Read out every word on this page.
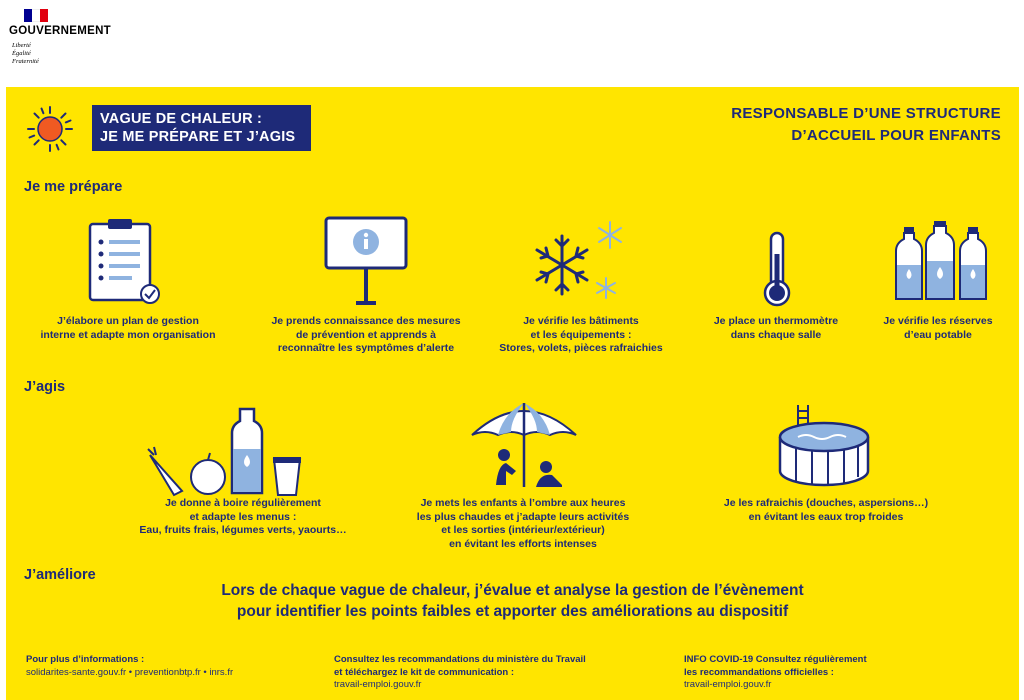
GOUVERNEMENT
Liberté
Égalité
Fraternité
VAGUE DE CHALEUR :
JE ME PRÉPARE ET J’AGIS
RESPONSABLE D’UNE STRUCTURE
D’ACCUEIL POUR ENFANTS
Je me prépare
J’élabore un plan de gestion
interne et adapte mon organisation
Je prends connaissance des mesures
de prévention et apprends à
reconnaître les symptômes d’alerte
Je vérifie les bâtiments
et les équipements :
Stores, volets, pièces rafraichies
Je place un thermomètre
dans chaque salle
Je vérifie les réserves
d’eau potable
J’agis
Je donne à boire régulièrement
et adapte les menus :
Eau, fruits frais, légumes verts, yaourts…
Je mets les enfants à l’ombre aux heures
les plus chaudes et j’adapte leurs activités
et les sorties (intérieur/extérieur)
en évitant les efforts intenses
Je les rafraichis (douches, aspersions…)
en évitant les eaux trop froides
J’améliore
Lors de chaque vague de chaleur, j’évalue et analyse la gestion de l’évènement
pour identifier les points faibles et apporter des améliorations au dispositif
Pour plus d’informations :
solidarites-sante.gouv.fr • preventionbtp.fr • inrs.fr
Consultez les recommandations du ministère du Travail
et téléchargez le kit de communication :
travail-emploi.gouv.fr
INFO COVID-19 Consultez régulièrement
les recommandations officielles :
travail-emploi.gouv.fr
